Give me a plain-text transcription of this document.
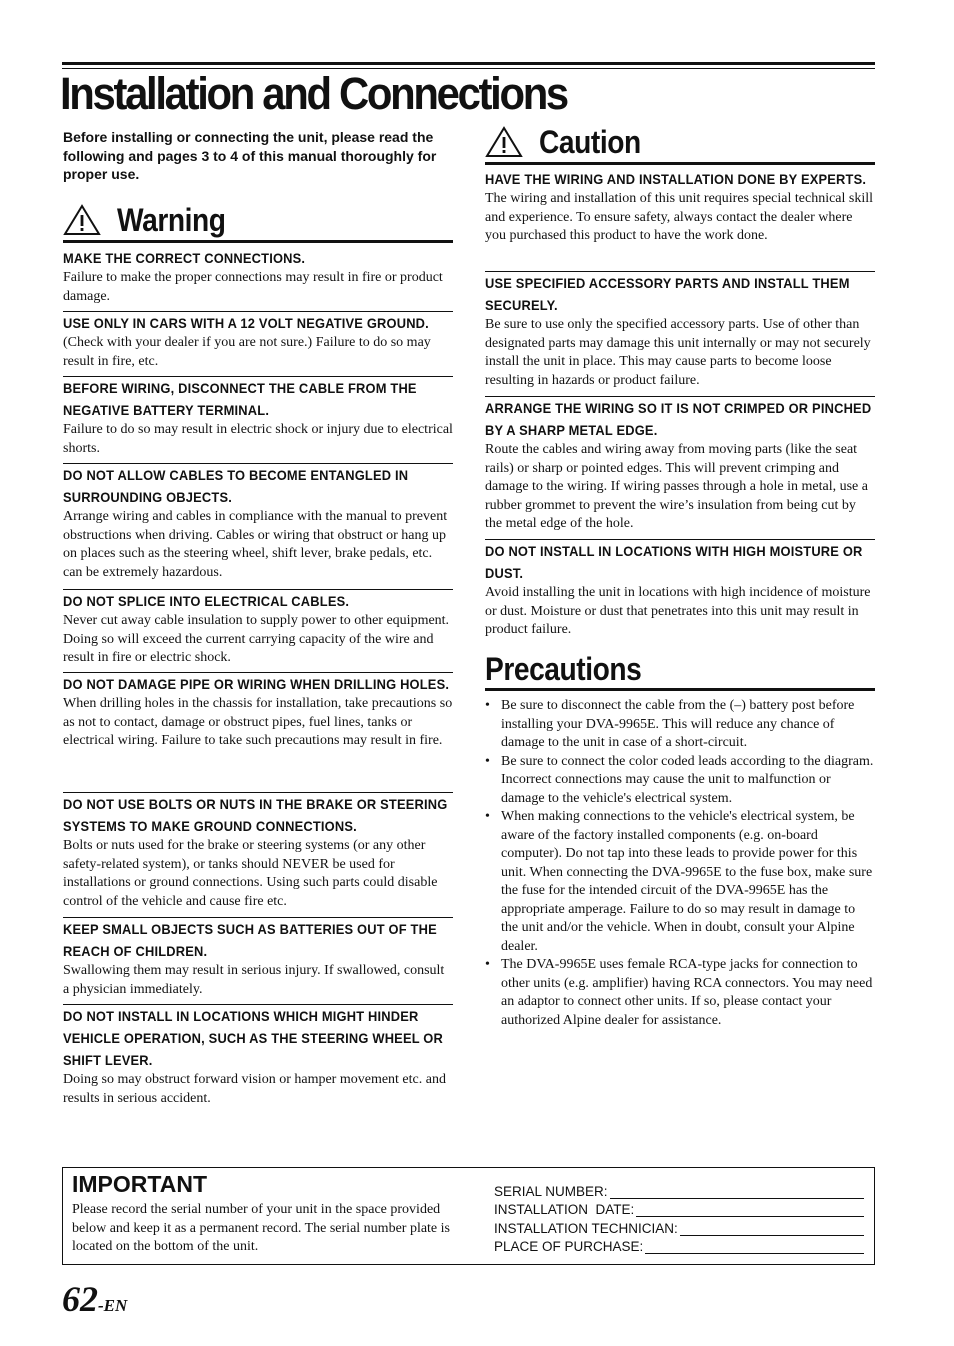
Installation and Connections
Before installing or connecting the unit, please read the following and pages 3 to 4 of this manual thoroughly for proper use.
Warning
MAKE THE CORRECT CONNECTIONS.
Failure to make the proper connections may result in fire or product damage.
USE ONLY IN CARS WITH A 12 VOLT NEGATIVE GROUND.
(Check with your dealer if you are not sure.) Failure to do so may result in fire, etc.
BEFORE WIRING, DISCONNECT THE CABLE FROM THE NEGATIVE BATTERY TERMINAL.
Failure to do so may result in electric shock or injury due to electrical shorts.
DO NOT ALLOW CABLES TO BECOME ENTANGLED IN SURROUNDING OBJECTS.
Arrange wiring and cables in compliance with the manual to prevent obstructions when driving. Cables or wiring that obstruct or hang up on places such as the steering wheel, shift lever, brake pedals, etc. can be extremely hazardous.
DO NOT SPLICE INTO ELECTRICAL CABLES.
Never cut away cable insulation to supply power to other equipment. Doing so will exceed the current carrying capacity of the wire and result in fire or electric shock.
DO NOT DAMAGE PIPE OR WIRING WHEN DRILLING HOLES.
When drilling holes in the chassis for installation, take precautions so as not to contact, damage or obstruct pipes, fuel lines, tanks or electrical wiring. Failure to take such precautions may result in fire.
DO NOT USE BOLTS OR NUTS IN THE BRAKE OR STEERING SYSTEMS TO MAKE GROUND CONNECTIONS.
Bolts or nuts used for the brake or steering systems (or any other safety-related system), or tanks should NEVER be used for installations or ground connections. Using such parts could disable control of the vehicle and cause fire etc.
KEEP SMALL OBJECTS SUCH AS BATTERIES OUT OF THE REACH OF CHILDREN.
Swallowing them may result in serious injury. If swallowed, consult a physician immediately.
DO NOT INSTALL IN LOCATIONS WHICH MIGHT HINDER VEHICLE OPERATION, SUCH AS THE STEERING WHEEL OR SHIFT LEVER.
Doing so may obstruct forward vision or hamper movement etc. and results in serious accident.
Caution
HAVE THE WIRING AND INSTALLATION DONE BY EXPERTS.
The wiring and installation of this unit requires special technical skill and experience. To ensure safety, always contact the dealer where you purchased this product to have the work done.
USE SPECIFIED ACCESSORY PARTS AND INSTALL THEM SECURELY.
Be sure to use only the specified accessory parts. Use of other than designated parts may damage this unit internally or may not securely install the unit in place. This may cause parts to become loose resulting in hazards or product failure.
ARRANGE THE WIRING SO IT IS NOT CRIMPED OR PINCHED BY A SHARP METAL EDGE.
Route the cables and wiring away from moving parts (like the seat rails) or sharp or pointed edges. This will prevent crimping and damage to the wiring. If wiring passes through a hole in metal, use a rubber grommet to prevent the wire’s insulation from being cut by the metal edge of the hole.
DO NOT INSTALL IN LOCATIONS WITH HIGH MOISTURE OR DUST.
Avoid installing the unit in locations with high incidence of moisture or dust. Moisture or dust that penetrates into this unit may result in product failure.
Precautions
• Be sure to disconnect the cable from the (–) battery post before installing your DVA-9965E. This will reduce any chance of damage to the unit in case of a short-circuit.
• Be sure to connect the color coded leads according to the diagram. Incorrect connections may cause the unit to malfunction or damage to the vehicle's electrical system.
• When making connections to the vehicle's electrical system, be aware of the factory installed components (e.g. on-board computer). Do not tap into these leads to provide power for this unit. When connecting the DVA-9965E to the fuse box, make sure the fuse for the intended circuit of the DVA-9965E has the appropriate amperage. Failure to do so may result in damage to the unit and/or the vehicle. When in doubt, consult your Alpine dealer.
• The DVA-9965E uses female RCA-type jacks for connection to other units (e.g. amplifier) having RCA connectors. You may need an adaptor to connect other units. If so, please contact your authorized Alpine dealer for assistance.
IMPORTANT
Please record the serial number of your unit in the space provided below and keep it as a permanent record. The serial number plate is located on the bottom of the unit.
SERIAL NUMBER:
INSTALLATION  DATE:
INSTALLATION TECHNICIAN:
PLACE OF PURCHASE:
62-EN
